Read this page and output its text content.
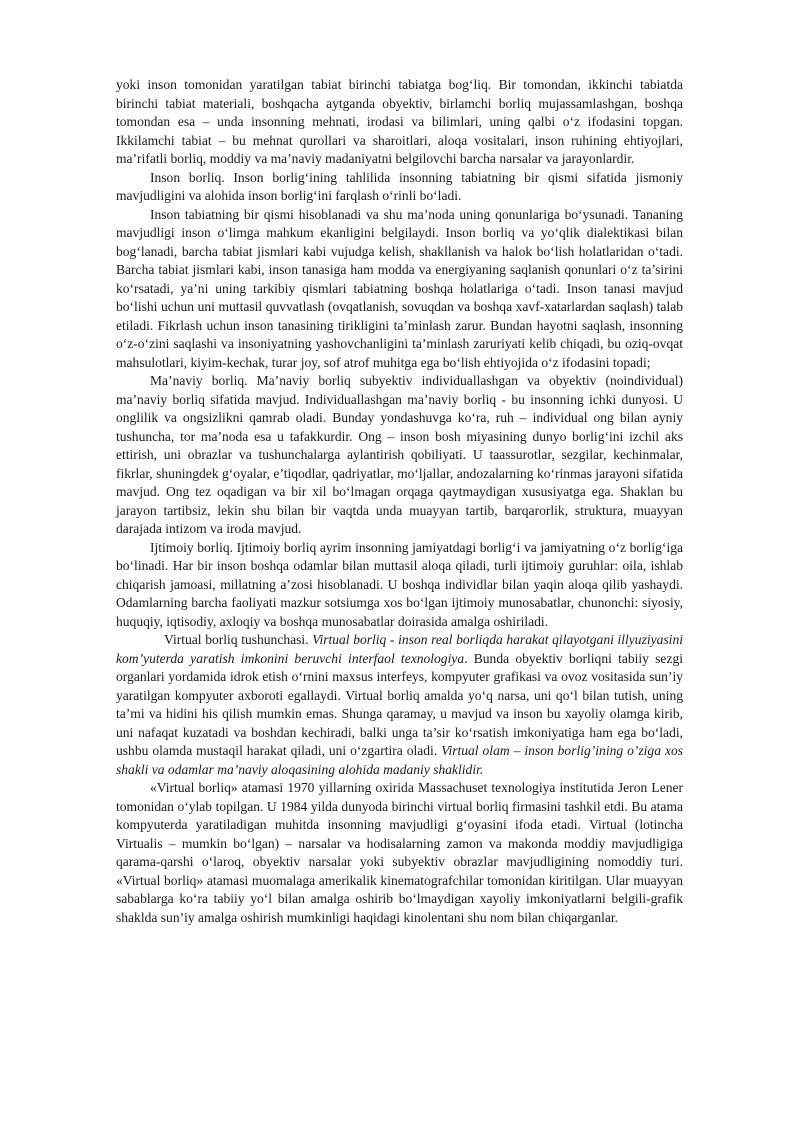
yoki inson tomonidan yaratilgan tabiat birinchi tabiatga bog‘liq. Bir tomondan, ikkinchi tabiatda birinchi tabiat materiali, boshqacha aytganda obyektiv, birlamchi borliq mujassamlashgan, boshqa tomondan esa – unda insonning mehnati, irodasi va bilimlari, uning qalbi o‘z ifodasini topgan. Ikkilamchi tabiat – bu mehnat qurollari va sharoitlari, aloqa vositalari, inson ruhining ehtiyojlari, ma’rifatli borliq, moddiy va ma’naviy madaniyatni belgilovchi barcha narsalar va jarayonlardir.

Inson borliq. Inson borlig‘ining tahlilida insonning tabiatning bir qismi sifatida jismoniy mavjudligini va alohida inson borlig‘ini farqlash o‘rinli bo‘ladi.

Inson tabiatning bir qismi hisoblanadi va shu ma’noda uning qonunlariga bo‘ysunadi. Tananing mavjudligi inson o‘limga mahkum ekanligini belgilaydi. Inson borliq va yo‘qlik dialektikasi bilan bog‘lanadi, barcha tabiat jismlari kabi vujudga kelish, shakllanish va halok bo‘lish holatlaridan o‘tadi. Barcha tabiat jismlari kabi, inson tanasiga ham modda va energiyaning saqlanish qonunlari o‘z ta’sirini ko‘rsatadi, ya’ni uning tarkibiy qismlari tabiatning boshqa holatlariga o‘tadi. Inson tanasi mavjud bo‘lishi uchun uni muttasil quvvatlash (ovqatlanish, sovuqdan va boshqa xavf-xatarlardan saqlash) talab etiladi. Fikrlash uchun inson tanasining tirikligini ta’minlash zarur. Bundan hayotni saqlash, insonning o‘z-o‘zini saqlashi va insoniyatning yashovchanligini ta’minlash zaruriyati kelib chiqadi, bu oziq-ovqat mahsulotlari, kiyim-kechak, turar joy, sof atrof muhitga ega bo‘lish ehtiyojida o‘z ifodasini topadi;

Ma’naviy borliq. Ma’naviy borliq subyektiv individuallashgan va obyektiv (noindividual) ma’naviy borliq sifatida mavjud. Individuallashgan ma’naviy borliq - bu insonning ichki dunyosi. U onglilik va ongsizlikni qamrab oladi. Bunday yondashuvga ko‘ra, ruh – individual ong bilan ayniy tushuncha, tor ma’noda esa u tafakkurdir. Ong – inson bosh miyasining dunyo borlig‘ini izchil aks ettirish, uni obrazlar va tushunchalarga aylantirish qobiliyati. U taassurotlar, sezgilar, kechinmalar, fikrlar, shuningdek g‘oyalar, e’tiqodlar, qadriyatlar, mo‘ljallar, andozalarning ko‘rinmas jarayoni sifatida mavjud. Ong tez oqadigan va bir xil bo‘lmagan orqaga qaytmaydigan xususiyatga ega. Shaklan bu jarayon tartibsiz, lekin shu bilan bir vaqtda unda muayyan tartib, barqarorlik, struktura, muayyan darajada intizom va iroda mavjud.

Ijtimoiy borliq. Ijtimoiy borliq ayrim insonning jamiyatdagi borlig‘i va jamiyatning o‘z borlig‘iga bo‘linadi. Har bir inson boshqa odamlar bilan muttasil aloqa qiladi, turli ijtimoiy guruhlar: oila, ishlab chiqarish jamoasi, millatning a’zosi hisoblanadi. U boshqa individlar bilan yaqin aloqa qilib yashaydi. Odamlarning barcha faoliyati mazkur sotsiumga xos bo‘lgan ijtimoiy munosabatlar, chunonchi: siyosiy, huquqiy, iqtisodiy, axloqiy va boshqa munosabatlar doirasida amalga oshiriladi.

Virtual borliq tushunchasi. Virtual borliq - inson real borliqda harakat qilayotgani illyuziyasini kom’yuterda yaratish imkonini beruvchi interfaol texnologiya. Bunda obyektiv borliqni tabiiy sezgi organlari yordamida idrok etish o‘rnini maxsus interfeys, kompyuter grafikasi va ovoz vositasida sun’iy yaratilgan kompyuter axboroti egallaydi. Virtual borliq amalda yo‘q narsa, uni qo‘l bilan tutish, uning ta’mi va hidini his qilish mumkin emas. Shunga qaramay, u mavjud va inson bu xayoliy olamga kirib, uni nafaqat kuzatadi va boshdan kechiradi, balki unga ta’sir ko‘rsatish imkoniyatiga ham ega bo‘ladi, ushbu olamda mustaqil harakat qiladi, uni o‘zgartira oladi. Virtual olam – inson borlig’ining o’ziga xos shakli va odamlar ma’naviy aloqasining alohida madaniy shaklidir.

«Virtual borliq» atamasi 1970 yillarning oxirida Massachuset texnologiya institutida Jeron Lener tomonidan o‘ylab topilgan. U 1984 yilda dunyoda birinchi virtual borliq firmasini tashkil etdi. Bu atama kompyuterda yaratiladigan muhitda insonning mavjudligi g‘oyasini ifoda etadi. Virtual (lotincha Virtualis – mumkin bo‘lgan) – narsalar va hodisalarning zamon va makonda moddiy mavjudligiga qarama-qarshi o‘laroq, obyektiv narsalar yoki subyektiv obrazlar mavjudligining nomoddiy turi. «Virtual borliq» atamasi muomalaga amerikalik kinematografchilar tomonidan kiritilgan. Ular muayyan sabablarga ko‘ra tabiiy yo‘l bilan amalga oshirib bo‘lmaydigan xayoliy imkoniyatlarni belgili-grafik shaklda sun’iy amalga oshirish mumkinligi haqidagi kinolentani shu nom bilan chiqarganlar.
